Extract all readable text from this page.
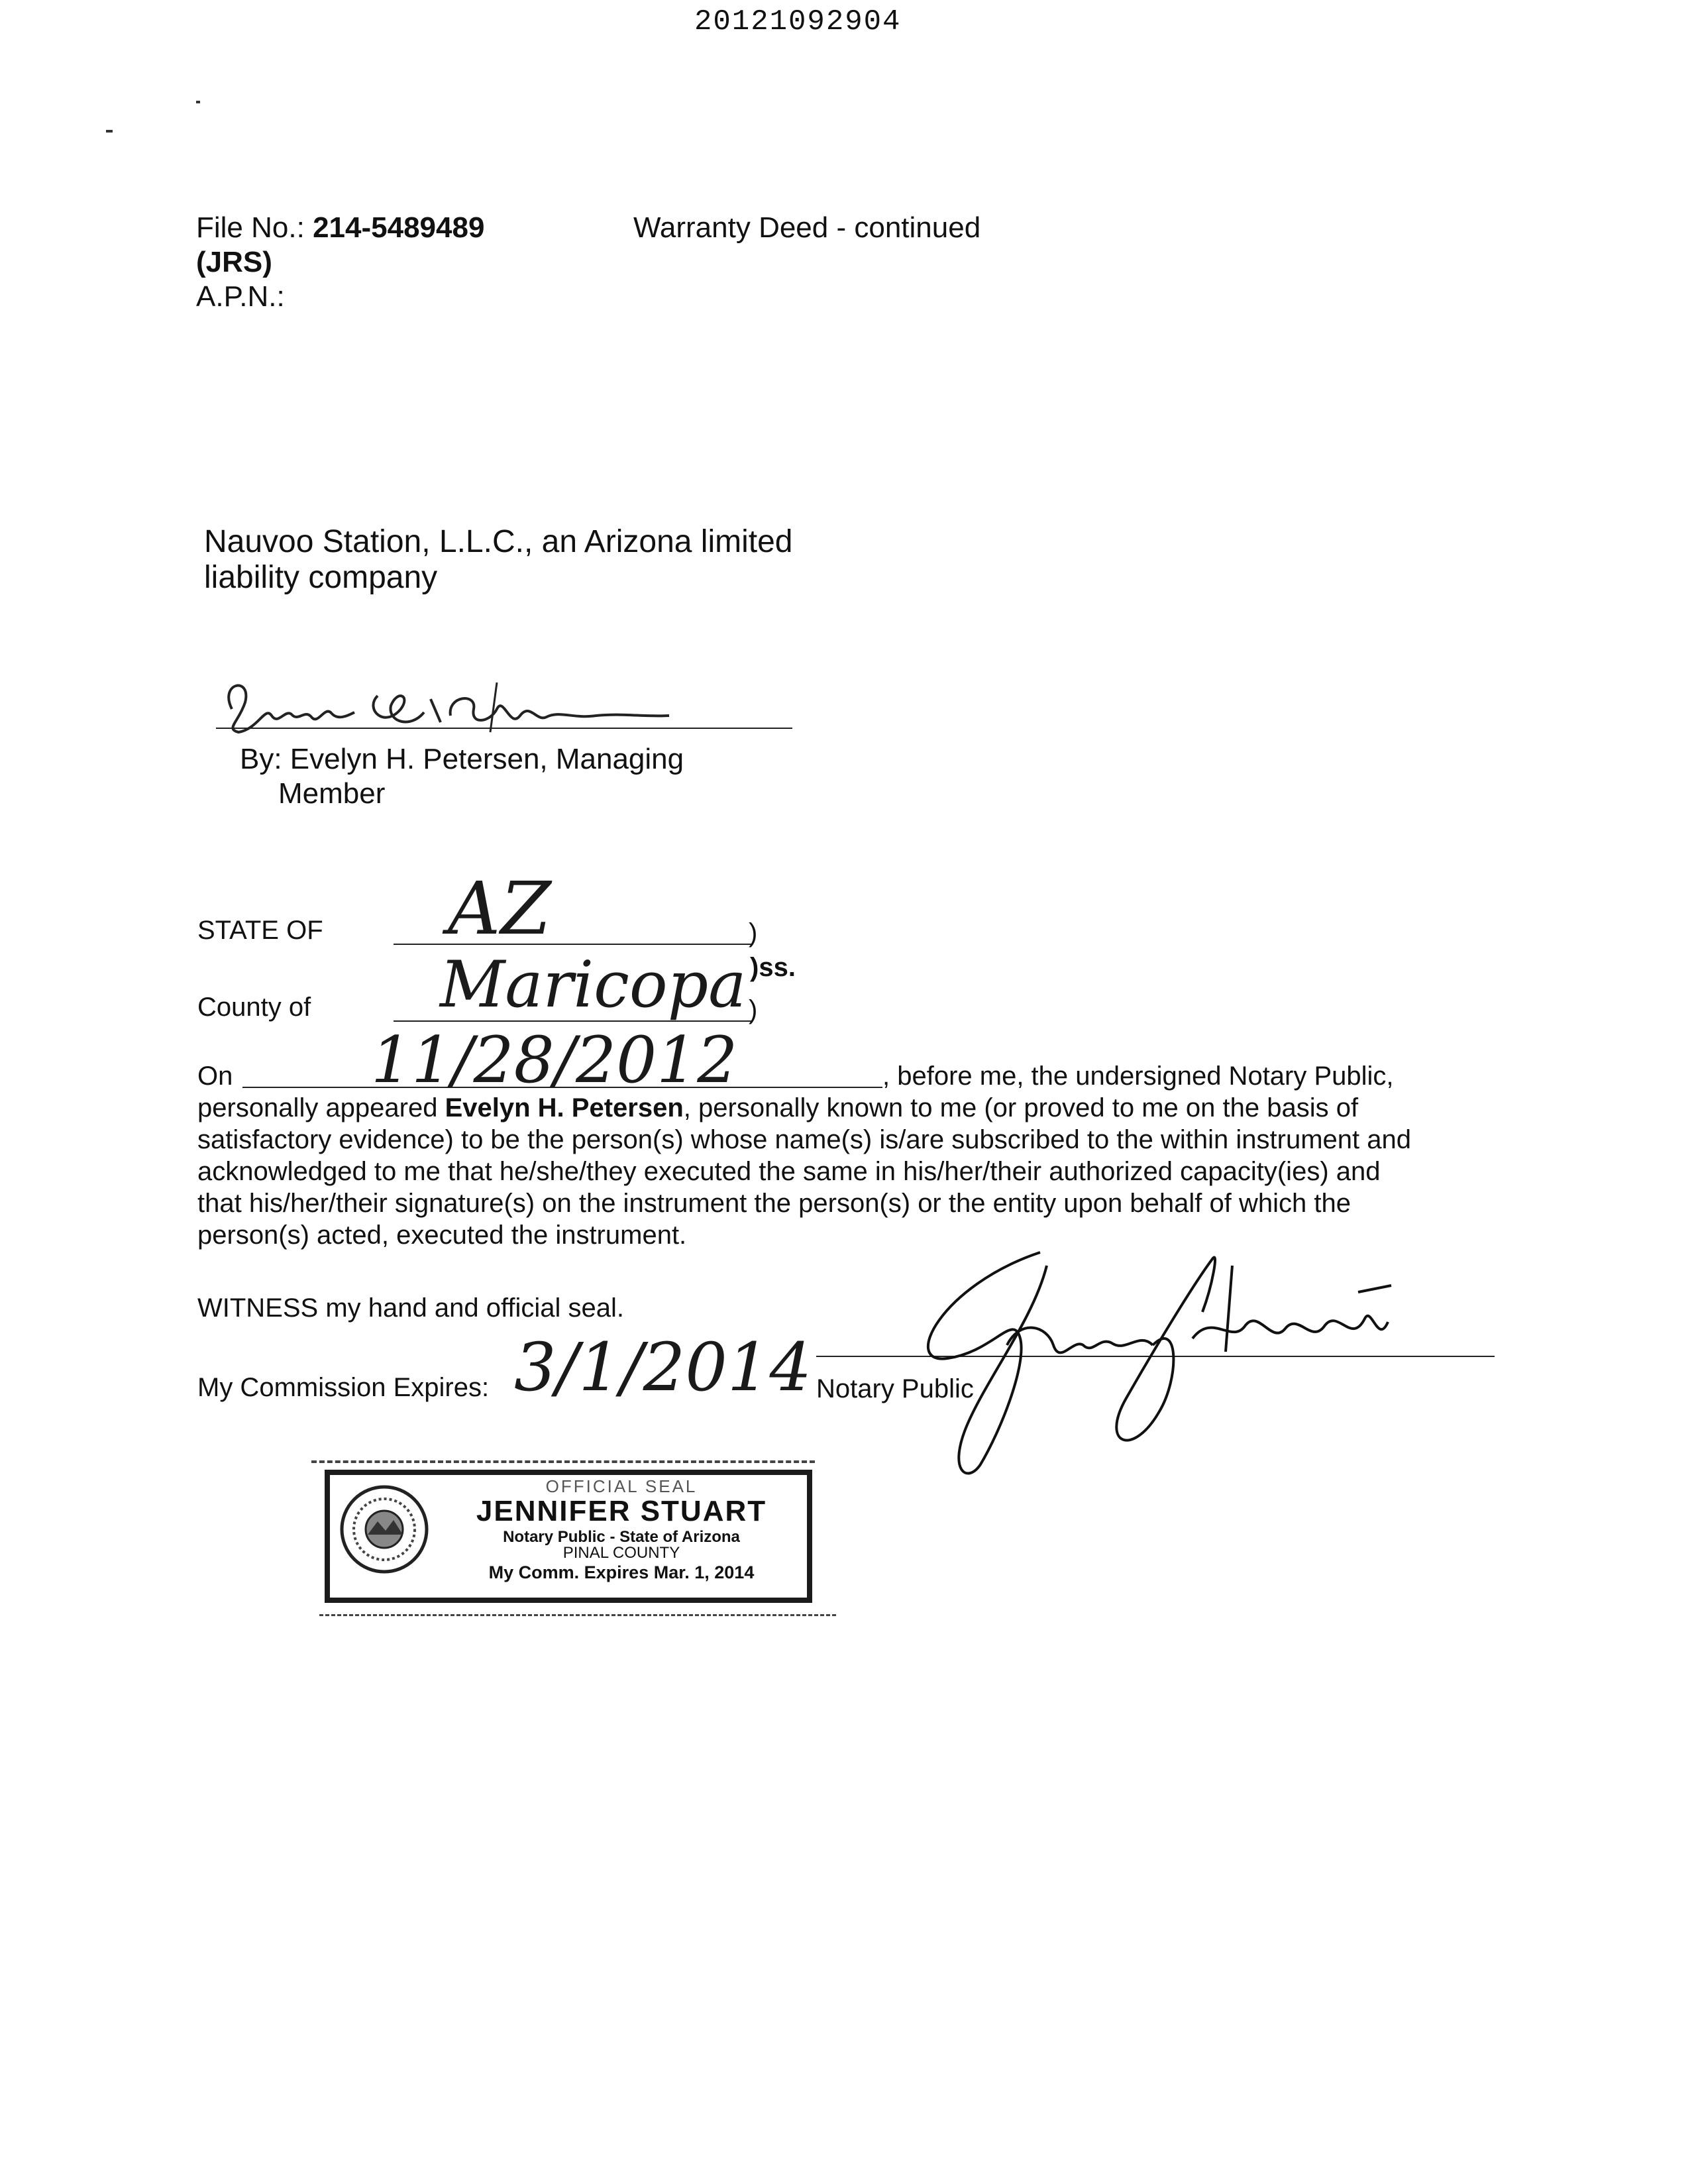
20121092904
File No.: 214-5489489
(JRS)
A.P.N.:
Warranty Deed - continued
Nauvoo Station, L.L.C., an Arizona limited
liability company
By: Evelyn H. Petersen, Managing
Member
STATE OF AZ	)
)ss.
County of Maricopa )
On 11/28/2012	, before me, the undersigned Notary Public,

personally appeared Evelyn H. Petersen, personally known to me (or proved to me on the basis of

satisfactory evidence) to be the person(s) whose name(s) is/are subscribed to the within instrument and

acknowledged to me that he/she/they executed the same in his/her/their authorized capacity(ies) and

that his/her/their signature(s) on the instrument the person(s) or the entity upon behalf of which the

person(s) acted, executed the instrument.

WITNESS my hand and official seal.
My Commission Expires: 3/1/2014 Notary Public
OFFICIAL SEAL
JENNIFER STUART
Notary Public - State of Arizona
PINAL COUNTY
My Comm. Expires Mar. 1, 2014
